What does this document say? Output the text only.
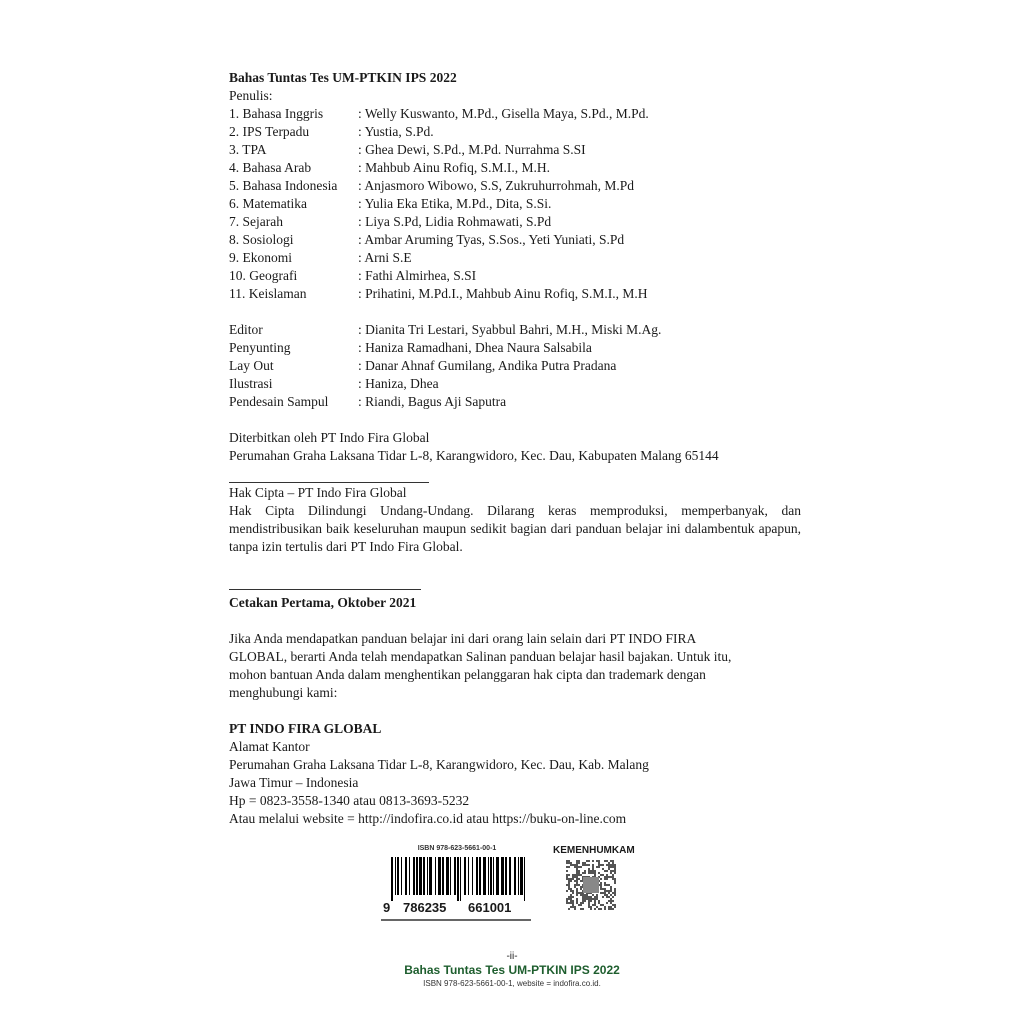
Bahas Tuntas Tes UM-PTKIN IPS 2022
Penulis:
1. Bahasa Inggris	: Welly Kuswanto, M.Pd., Gisella Maya, S.Pd., M.Pd.
2. IPS Terpadu	: Yustia, S.Pd.
3. TPA	: Ghea Dewi, S.Pd., M.Pd. Nurrahma S.SI
4. Bahasa Arab	: Mahbub Ainu Rofiq, S.M.I., M.H.
5. Bahasa Indonesia	: Anjasmoro Wibowo, S.S, Zukruhurrohmah, M.Pd
6. Matematika	: Yulia Eka Etika, M.Pd., Dita, S.Si.
7. Sejarah	: Liya S.Pd, Lidia Rohmawati, S.Pd
8. Sosiologi	: Ambar Aruming Tyas, S.Sos., Yeti Yuniati, S.Pd
9. Ekonomi	: Arni S.E
10. Geografi	: Fathi Almirhea, S.SI
11. Keislaman	: Prihatini, M.Pd.I., Mahbub Ainu Rofiq, S.M.I., M.H
Editor	: Dianita Tri Lestari, Syabbul Bahri, M.H., Miski M.Ag.
Penyunting	: Haniza Ramadhani, Dhea Naura Salsabila
Lay Out	: Danar Ahnaf Gumilang, Andika Putra Pradana
Ilustrasi	: Haniza, Dhea
Pendesain Sampul	: Riandi, Bagus Aji Saputra
Diterbitkan oleh PT Indo Fira Global
Perumahan Graha Laksana Tidar L-8, Karangwidoro, Kec. Dau, Kabupaten Malang 65144
Hak Cipta – PT Indo Fira Global
Hak Cipta Dilindungi Undang-Undang. Dilarang keras memproduksi, memperbanyak, dan mendistribusikan baik keseluruhan maupun sedikit bagian dari panduan belajar ini dalambentuk apapun, tanpa izin tertulis dari PT Indo Fira Global.
Cetakan Pertama, Oktober 2021
Jika Anda mendapatkan panduan belajar ini dari orang lain selain dari PT INDO FIRA
GLOBAL, berarti Anda telah mendapatkan Salinan panduan belajar hasil bajakan. Untuk itu,
mohon bantuan Anda dalam menghentikan pelanggaran hak cipta dan trademark dengan
menghubungi kami:
PT INDO FIRA GLOBAL
Alamat Kantor
Perumahan Graha Laksana Tidar L-8, Karangwidoro, Kec. Dau, Kab. Malang
Jawa Timur – Indonesia
Hp = 0823-3558-1340 atau 0813-3693-5232
Atau melalui website = http://indofira.co.id atau https://buku-on-line.com
ISBN 978-623-5661-00-1
9 786235 661001
KEMENHUMKAM
-ii-
Bahas Tuntas Tes UM-PTKIN IPS 2022
ISBN 978-623-5661-00-1, website = indofira.co.id.
